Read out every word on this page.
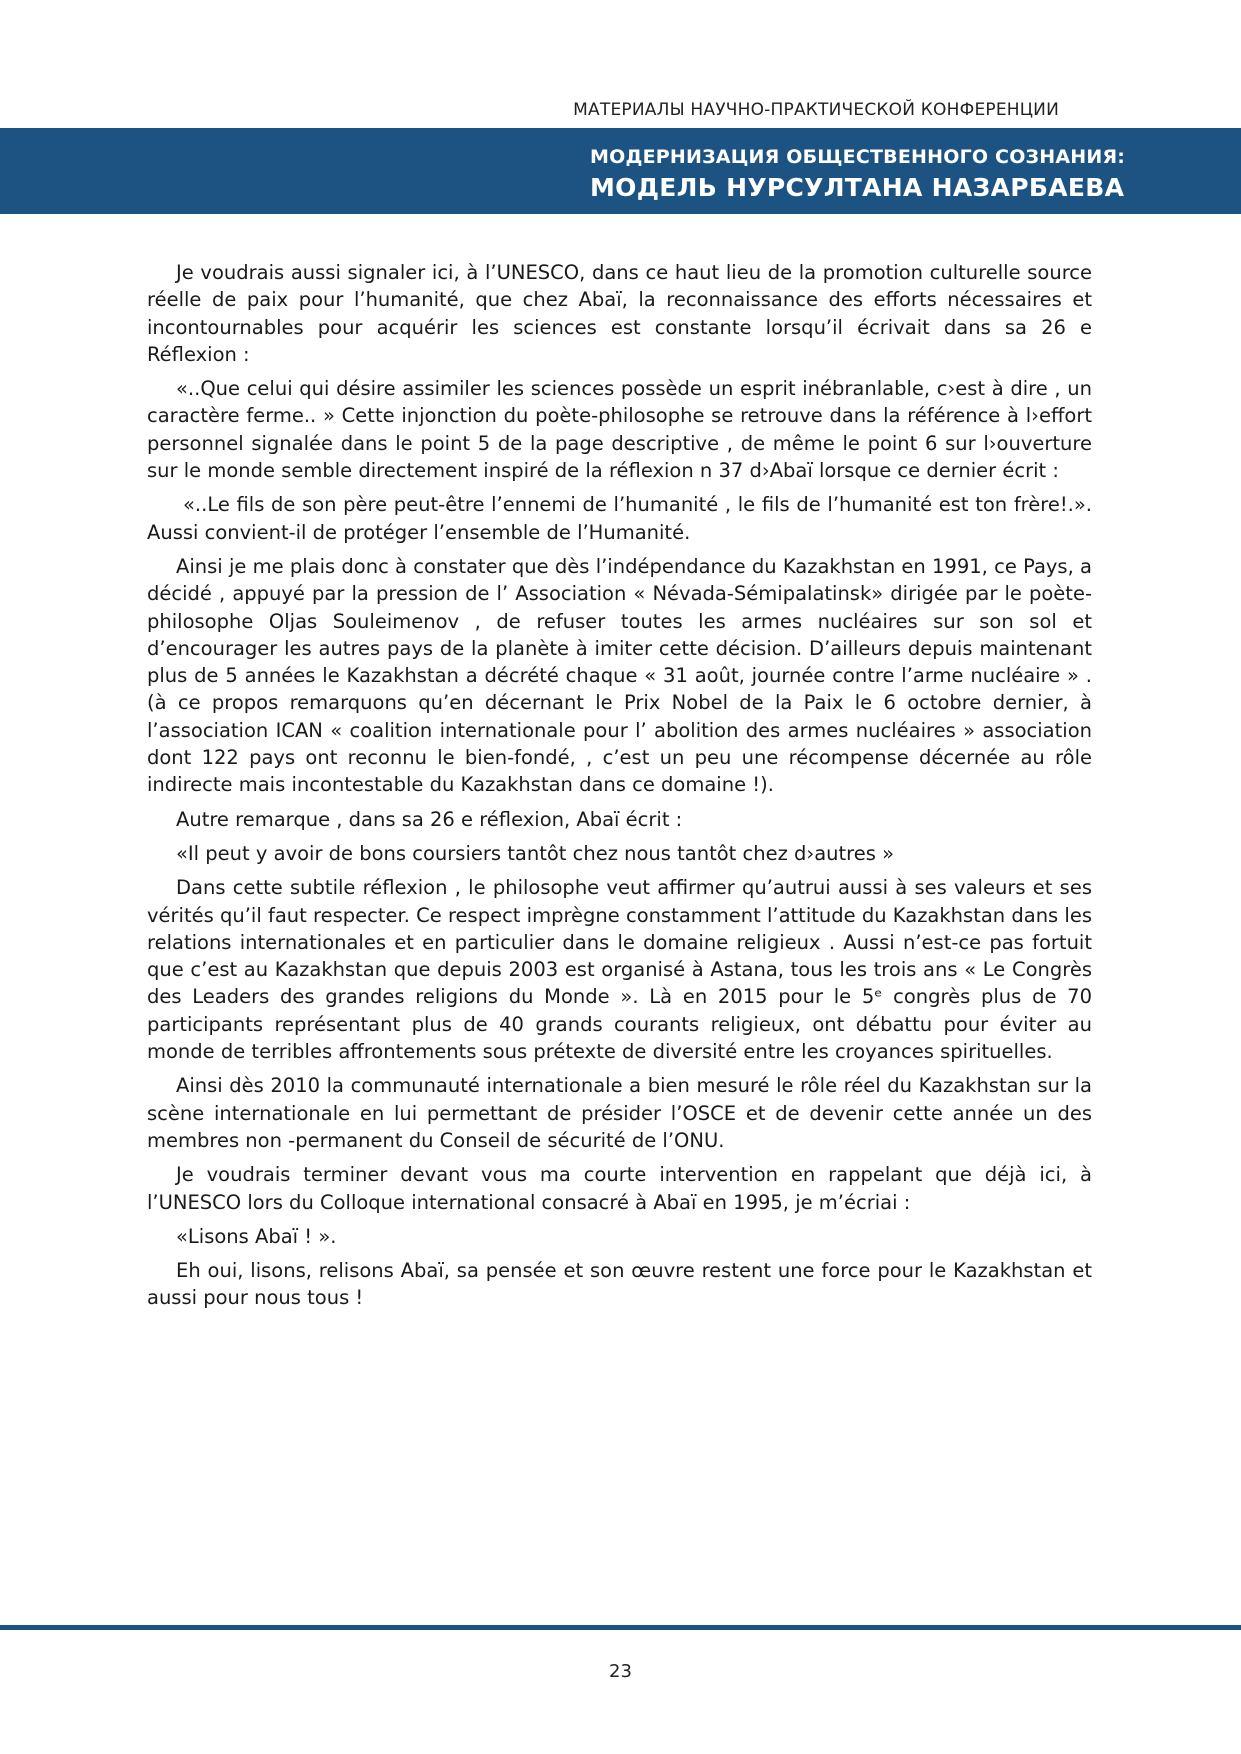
МАТЕРИАЛЫ НАУЧНО-ПРАКТИЧЕСКОЙ КОНФЕРЕНЦИИ
МОДЕРНИЗАЦИЯ ОБЩЕСТВЕННОГО СОЗНАНИЯ:
МОДЕЛЬ НУРСУЛТАНА НАЗАРБАЕВА

Je voudrais aussi signaler ici, à l’UNESCO, dans ce haut lieu de la promotion culturelle source réelle de paix pour l’humanité, que chez Abaï, la reconnaissance des efforts nécessaires et incontournables pour acquérir les sciences est constante lorsqu’il écrivait dans sa 26 e Réflexion :

«..Que celui qui désire assimiler les sciences possède un esprit inébranlable, c›est à dire , un caractère ferme.. » Cette injonction du poète-philosophe se retrouve dans la référence à l›effort personnel signalée dans le point 5 de la page descriptive , de même le point 6 sur l›ouverture sur le monde semble directement inspiré de la réflexion n 37 d›Abaï lorsque ce dernier écrit :

«..Le fils de son père peut-être l’ennemi de l’humanité , le fils de l’humanité est ton frère!.». Aussi convient-il de protéger l’ensemble de l’Humanité.

Ainsi je me plais donc à constater que dès l’indépendance du Kazakhstan en 1991, ce Pays, a décidé , appuyé par la pression de l’ Association « Névada-Sémipalatinsk» dirigée par le poète-philosophe Oljas Souleimenov , de refuser toutes les armes nucléaires sur son sol et d’encourager les autres pays de la planète à imiter cette décision. D’ailleurs depuis maintenant plus de 5 années le Kazakhstan a décrété chaque « 31 août, journée contre l’arme nucléaire » .(à ce propos remarquons qu’en décernant le Prix Nobel de la Paix le 6 octobre dernier, à l’association ICAN « coalition internationale pour l’ abolition des armes nucléaires » association dont 122 pays ont reconnu le bien-fondé, , c’est un peu une récompense décernée au rôle indirecte mais incontestable du Kazakhstan dans ce domaine !).

Autre remarque , dans sa 26 e réflexion, Abaï écrit :

«Il peut y avoir de bons coursiers tantôt chez nous tantôt chez d›autres »

Dans cette subtile réflexion , le philosophe veut affirmer qu’autrui aussi à ses valeurs et ses vérités qu’il faut respecter. Ce respect imprègne constamment l’attitude du Kazakhstan dans les relations internationales et en particulier dans le domaine religieux . Aussi n’est-ce pas fortuit que c’est au Kazakhstan que depuis 2003 est organisé à Astana, tous les trois ans « Le Congrès des Leaders des grandes religions du Monde ». Là en 2015 pour le 5ᵉ congrès plus de 70 participants représentant plus de 40 grands courants religieux, ont débattu pour éviter au monde de terribles affrontements sous prétexte de diversité entre les croyances spirituelles.

Ainsi dès 2010 la communauté internationale a bien mesuré le rôle réel du Kazakhstan sur la scène internationale en lui permettant de présider l’OSCE et de devenir cette année un des membres non -permanent du Conseil de sécurité de l’ONU.

Je voudrais terminer devant vous ma courte intervention en rappelant que déjà ici, à l’UNESCO lors du Colloque international consacré à Abaï en 1995, je m’écriai :

«Lisons Abaï ! ».

Eh oui, lisons, relisons Abaï, sa pensée et son œuvre restent une force pour le Kazakhstan et aussi pour nous tous !

23
